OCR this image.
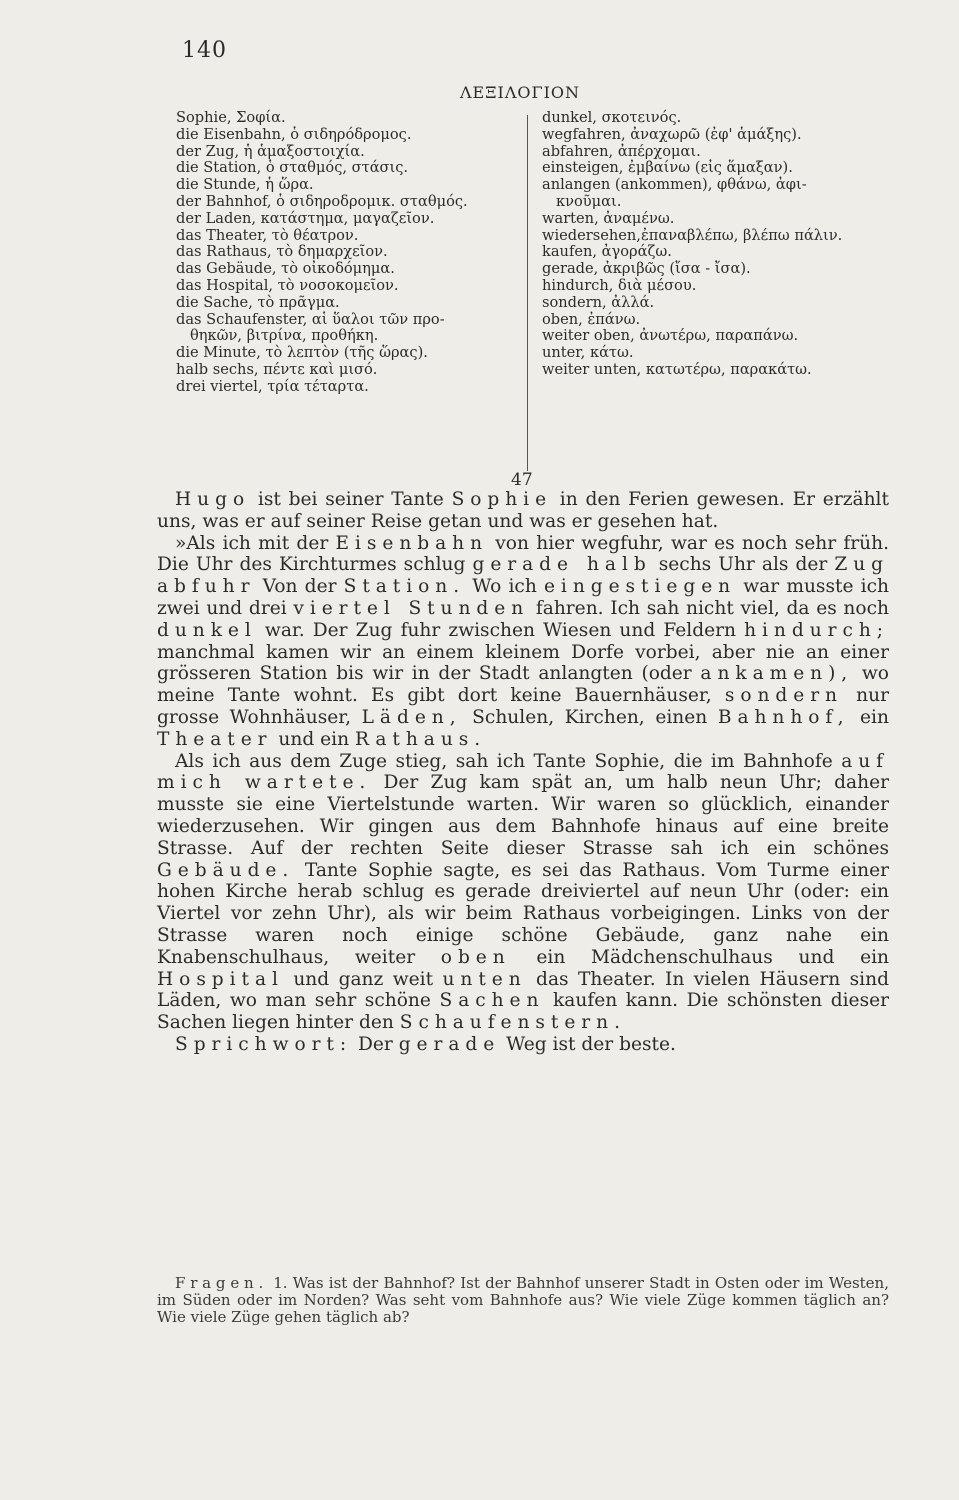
140
ΛΕΞΙΛΟΓΙΟΝ
Sophie, Σοφία.
die Eisenbahn, ὁ σιδηρόδρομος.
der Zug, ἡ ἁμαξοστοιχία.
die Station, ὁ σταθμός, στάσις.
die Stunde, ἡ ὥρα.
der Bahnhof, ὁ σιδηροδρομικ. σταθμός.
der Laden, κατάστημα, μαγαζεῖον.
das Theater, τὸ θέατρον.
das Rathaus, τὸ δημαρχεῖον.
das Gebäude, τὸ οἰκοδόμημα.
das Hospital, τὸ νοσοκομεῖον.
die Sache, τὸ πρᾶγμα.
das Schaufenster, αἱ ὕαλοι τῶν προ-
θηκῶν, βιτρίνα, προθήκη.
die Minute, τὸ λεπτὸν (τῆς ὥρας).
halb sechs, πέντε καὶ μισό.
drei viertel, τρία τέταρτα.
dunkel, σκοτεινός.
wegfahren, ἀναχωρῶ (ἐφ' ἁμάξης).
abfahren, ἀπέρχομαι.
einsteigen, ἐμβαίνω (εἰς ἅμαξαν).
anlangen (ankommen), φθάνω, ἀφι-
κνοῦμαι.
warten, ἀναμένω.
wiedersehen,ἐπαναβλέπω, βλέπω πάλιν.
kaufen, ἀγοράζω.
gerade, ἀκριβῶς (ἴσα - ἴσα).
hindurch, διὰ μέσου.
sondern, ἀλλά.
oben, ἐπάνω.
weiter oben, ἀνωτέρω, παραπάνω.
unter, κάτω.
weiter unten, κατωτέρω, παρακάτω.
47

Hugo ist bei seiner Tante Sophie in den Ferien gewesen. Er erzählt uns, was er auf seiner Reise getan und was er gesehen hat.

»Als ich mit der Eisenbahn von hier wegfuhr, war es noch sehr früh. Die Uhr des Kirchturmes schlug gerade halb sechs Uhr als der Zug abfuhr Von der Station. Wo ich eingestiegen war musste ich zwei und drei viertel Stunden fahren. Ich sah nicht viel, da es noch dunkel war. Der Zug fuhr zwischen Wiesen und Feldern hindurch; manchmal kamen wir an einem kleinem Dorfe vorbei, aber nie an einer grösseren Station bis wir in der Stadt anlangten (oder ankamen), wo meine Tante wohnt. Es gibt dort keine Bauernhäuser, sondern nur grosse Wohnhäuser, Läden, Schulen, Kirchen, einen Bahnhof, ein Theater und ein Rathaus.

Als ich aus dem Zuge stieg, sah ich Tante Sophie, die im Bahnhofe auf mich wartete. Der Zug kam spät an, um halb neun Uhr; daher musste sie eine Viertelstunde warten. Wir waren so glücklich, einander wiederzusehen. Wir gingen aus dem Bahnhofe hinaus auf eine breite Strasse. Auf der rechten Seite dieser Strasse sah ich ein schönes Gebäude. Tante Sophie sagte, es sei das Rathaus. Vom Turme einer hohen Kirche herab schlug es gerade dreiviertel auf neun Uhr (oder: ein Viertel vor zehn Uhr), als wir beim Rathaus vorbeigingen. Links von der Strasse waren noch einige schöne Gebäude, ganz nahe ein Knabenschulhaus, weiter oben ein Mädchenschulhaus und ein Hospital und ganz weit unten das Theater. In vielen Häusern sind Läden, wo man sehr schöne Sachen kaufen kann. Die schönsten dieser Sachen liegen hinter den Schaufenstern.

Sprichwort: Der gerade Weg ist der beste.

Fragen. 1. Was ist der Bahnhof? Ist der Bahnhof unserer Stadt in Osten oder im Westen, im Süden oder im Norden? Was seht vom Bahnhofe aus? Wie viele Züge kommen täglich an? Wie viele Züge gehen täglich ab?
